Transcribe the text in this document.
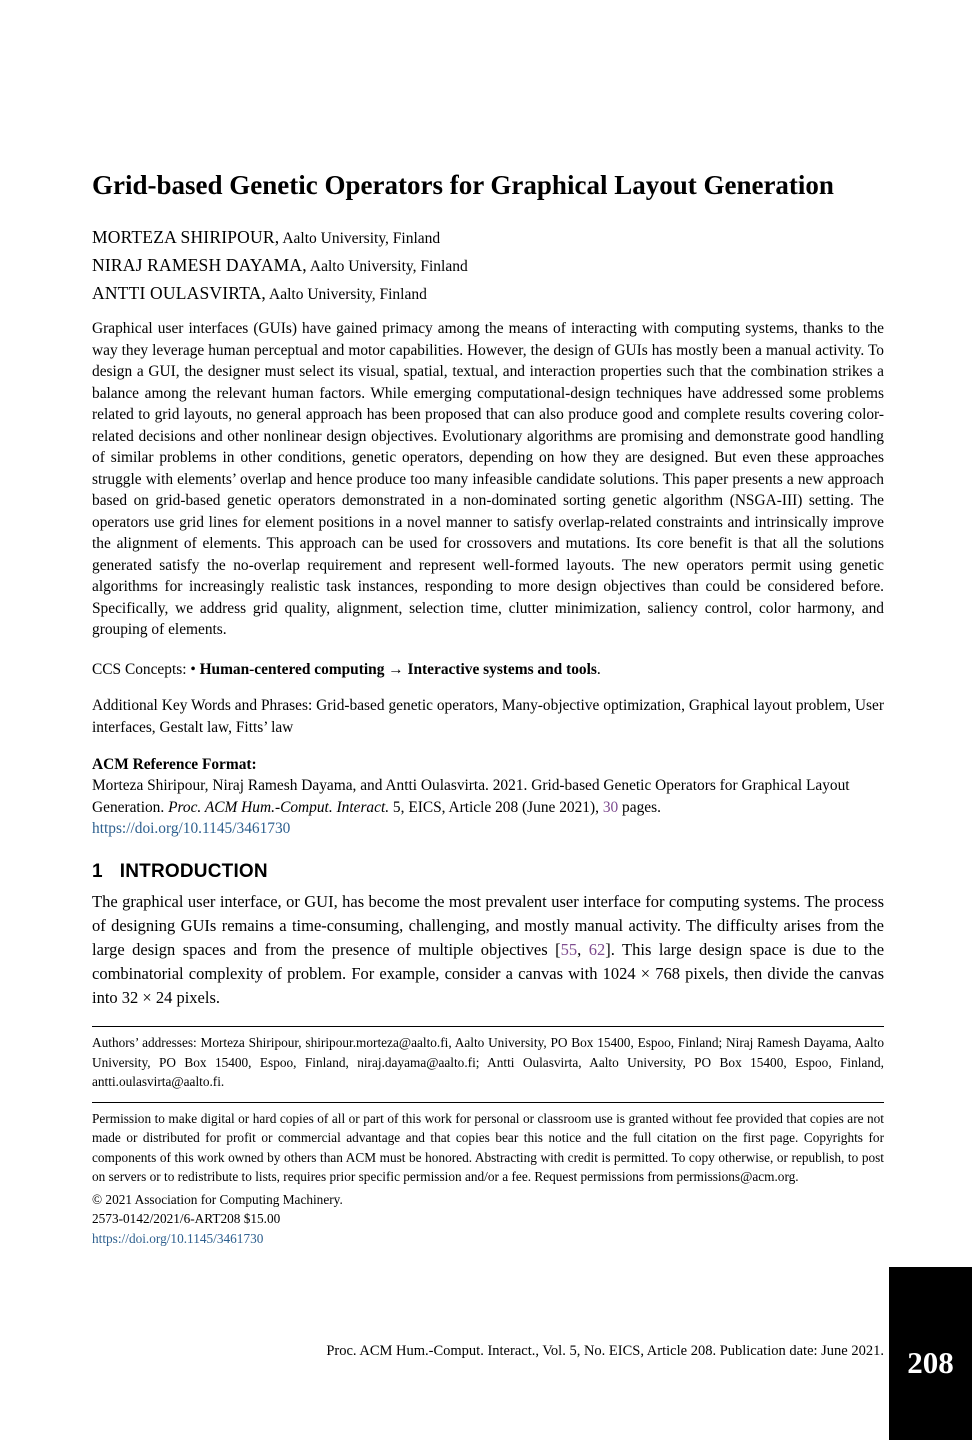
Grid-based Genetic Operators for Graphical Layout Generation
MORTEZA SHIRIPOUR, Aalto University, Finland
NIRAJ RAMESH DAYAMA, Aalto University, Finland
ANTTI OULASVIRTA, Aalto University, Finland

Graphical user interfaces (GUIs) have gained primacy among the means of interacting with computing systems, thanks to the way they leverage human perceptual and motor capabilities. However, the design of GUIs has mostly been a manual activity. To design a GUI, the designer must select its visual, spatial, textual, and interaction properties such that the combination strikes a balance among the relevant human factors. While emerging computational-design techniques have addressed some problems related to grid layouts, no general approach has been proposed that can also produce good and complete results covering color-related decisions and other nonlinear design objectives. Evolutionary algorithms are promising and demonstrate good handling of similar problems in other conditions, genetic operators, depending on how they are designed. But even these approaches struggle with elements’ overlap and hence produce too many infeasible candidate solutions. This paper presents a new approach based on grid-based genetic operators demonstrated in a non-dominated sorting genetic algorithm (NSGA-III) setting. The operators use grid lines for element positions in a novel manner to satisfy overlap-related constraints and intrinsically improve the alignment of elements. This approach can be used for crossovers and mutations. Its core benefit is that all the solutions generated satisfy the no-overlap requirement and represent well-formed layouts. The new operators permit using genetic algorithms for increasingly realistic task instances, responding to more design objectives than could be considered before. Specifically, we address grid quality, alignment, selection time, clutter minimization, saliency control, color harmony, and grouping of elements.

CCS Concepts: • Human-centered computing → Interactive systems and tools.

Additional Key Words and Phrases: Grid-based genetic operators, Many-objective optimization, Graphical layout problem, User interfaces, Gestalt law, Fitts’ law

ACM Reference Format:
Morteza Shiripour, Niraj Ramesh Dayama, and Antti Oulasvirta. 2021. Grid-based Genetic Operators for Graphical Layout Generation. Proc. ACM Hum.-Comput. Interact. 5, EICS, Article 208 (June 2021), 30 pages.
https://doi.org/10.1145/3461730
1 INTRODUCTION

The graphical user interface, or GUI, has become the most prevalent user interface for computing systems. The process of designing GUIs remains a time-consuming, challenging, and mostly manual activity. The difficulty arises from the large design spaces and from the presence of multiple objectives [55, 62]. This large design space is due to the combinatorial complexity of problem. For example, consider a canvas with 1024 × 768 pixels, then divide the canvas into 32 × 24 pixels.

Authors’ addresses: Morteza Shiripour, shiripour.morteza@aalto.fi, Aalto University, PO Box 15400, Espoo, Finland; Niraj Ramesh Dayama, Aalto University, PO Box 15400, Espoo, Finland, niraj.dayama@aalto.fi; Antti Oulasvirta, Aalto University, PO Box 15400, Espoo, Finland, antti.oulasvirta@aalto.fi.

Permission to make digital or hard copies of all or part of this work for personal or classroom use is granted without fee provided that copies are not made or distributed for profit or commercial advantage and that copies bear this notice and the full citation on the first page. Copyrights for components of this work owned by others than ACM must be honored. Abstracting with credit is permitted. To copy otherwise, or republish, to post on servers or to redistribute to lists, requires prior specific permission and/or a fee. Request permissions from permissions@acm.org.

© 2021 Association for Computing Machinery.

2573-0142/2021/6-ART208 $15.00

https://doi.org/10.1145/3461730

Proc. ACM Hum.-Comput. Interact., Vol. 5, No. EICS, Article 208. Publication date: June 2021. 208
